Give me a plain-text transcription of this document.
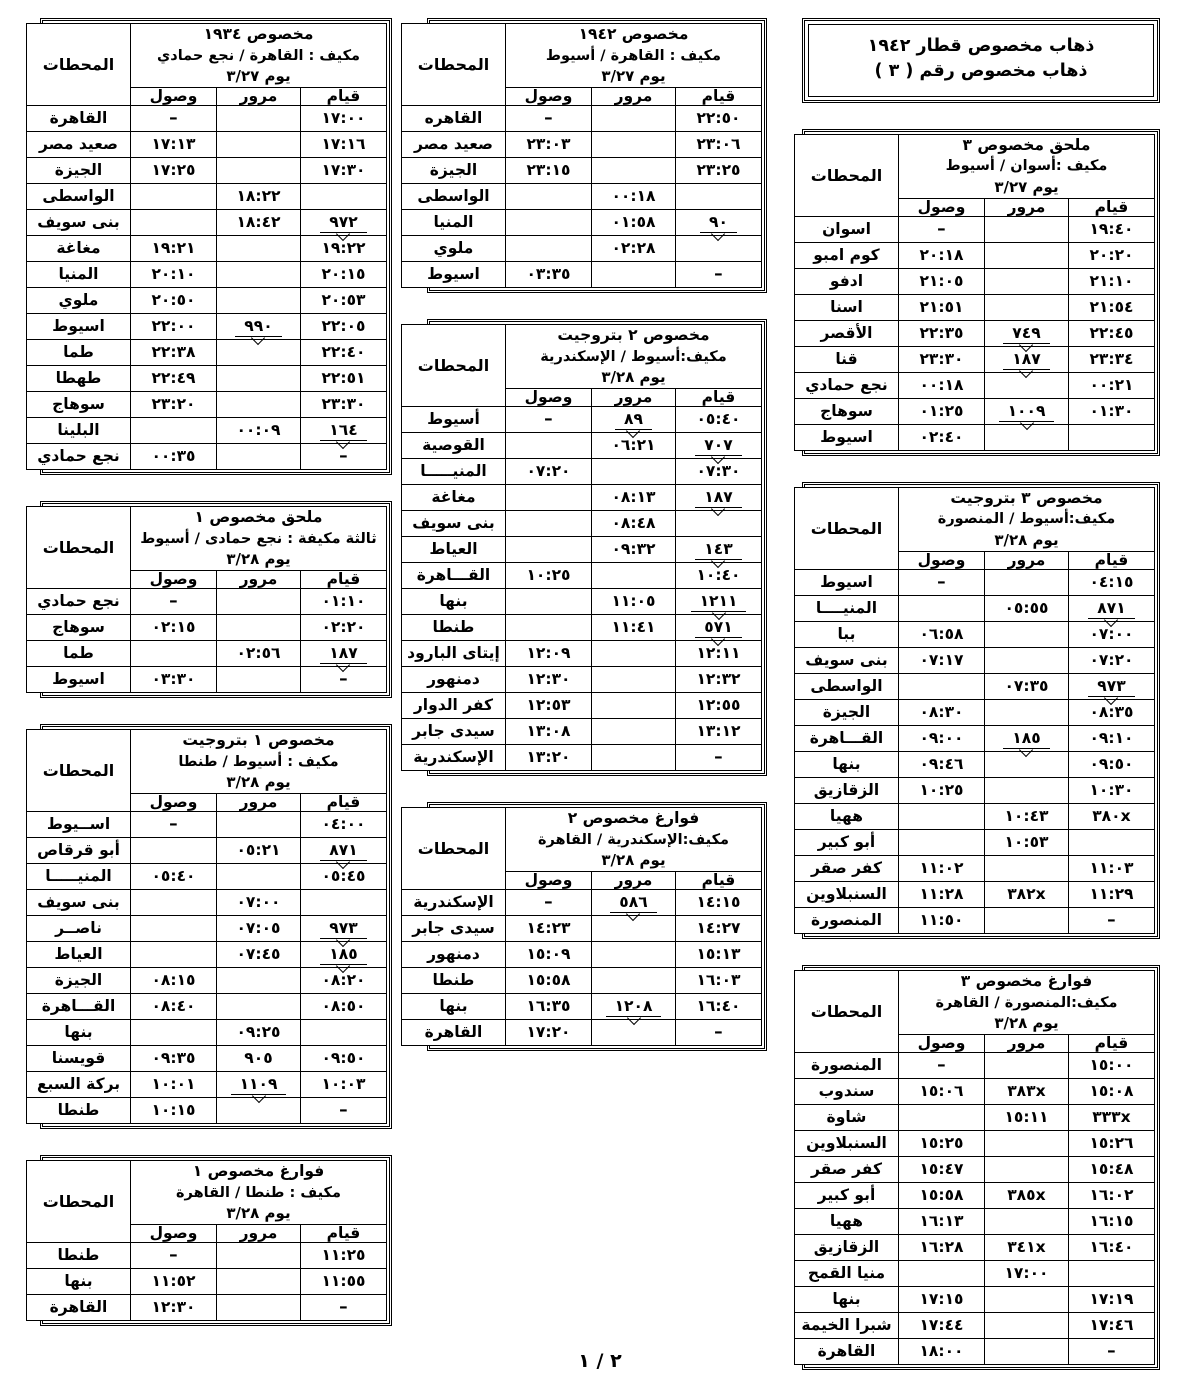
مخصوص ١٩٣٤
مكيف : القاهرة / نجع حمادي
يوم ٣/٢٧			المحطات
قيام	مرور	وصول	
١٧:٠٠		–	القاهرة
١٧:١٦		١٧:١٣	صعيد مصر
١٧:٣٠		١٧:٢٥	الجيزة
	١٨:٢٢		الواسطى
٩٧٢	١٨:٤٢		بنى سويف
١٩:٢٢		١٩:٢١	مغاغة
٢٠:١٥		٢٠:١٠	المنيا
٢٠:٥٣		٢٠:٥٠	ملوي
٢٢:٠٥	٩٩٠	٢٢:٠٠	اسيوط
٢٢:٤٠		٢٢:٣٨	طما
٢٢:٥١		٢٢:٤٩	طهطا
٢٣:٣٠		٢٣:٢٠	سوهاج
١٦٤	٠٠:٠٩		البلينا
–		٠٠:٣٥	نجع حمادي
ملحق مخصوص ١
ثالثة مكيفة : نجع حمادى / أسيوط
يوم ٣/٢٨			المحطات
قيام	مرور	وصول	
٠١:١٠		–	نجع حمادي
٠٢:٢٠		٠٢:١٥	سوهاج
١٨٧	٠٢:٥٦		طما
–		٠٣:٣٠	اسيوط
مخصوص ١ بتروجيت
مكيف : أسيوط / طنطا
يوم ٣/٢٨			المحطات
قيام	مرور	وصول	
٠٤:٠٠		–	اســيوط
٨٧١	٠٥:٢١		أبو قرقاص
٠٥:٤٥		٠٥:٤٠	المنيـــــا
	٠٧:٠٠		بنى سويف
٩٧٣	٠٧:٠٥		ناصــر
١٨٥	٠٧:٤٥		العياط
٠٨:٢٠		٠٨:١٥	الجيزة
٠٨:٥٠		٠٨:٤٠	القـــاهرة
	٠٩:٢٥		بنها
٠٩:٥٠	٩٠٥	٠٩:٣٥	قويسنا
١٠:٠٣	١١٠٩	١٠:٠١	بركة السبع
–		١٠:١٥	طنطا
فوارغ مخصوص ١
مكيف : طنطا / القاهرة
يوم ٣/٢٨			المحطات
قيام	مرور	وصول	
١١:٢٥		–	طنطا
١١:٥٥		١١:٥٢	بنها
–		١٢:٣٠	القاهرة
مخصوص ١٩٤٢
مكيف : القاهرة / أسيوط
يوم ٣/٢٧			المحطات
قيام	مرور	وصول	
٢٢:٥٠		–	القاهره
٢٣:٠٦		٢٣:٠٣	صعيد مصر
٢٣:٢٥		٢٣:١٥	الجيزة
	٠٠:١٨		الواسطى
٩٠	٠١:٥٨		المنيا
	٠٢:٢٨		ملوي
–		٠٣:٣٥	اسيوط
مخصوص ٢ بتروجيت
مكيف:أسيوط / الإسكندرية
يوم ٣/٢٨			المحطات
قيام	مرور	وصول	
٠٥:٤٠	٨٩	–	أسيوط
٧٠٧	٠٦:٢١		القوصية
٠٧:٣٠		٠٧:٢٠	المنيـــــا
١٨٧	٠٨:١٣		مغاغة
	٠٨:٤٨		بنى سويف
١٤٣	٠٩:٣٢		العياط
١٠:٤٠		١٠:٢٥	القـــاهرة
١٢١١	١١:٠٥		بنها
٥٧١	١١:٤١		طنطا
١٢:١١		١٢:٠٩	إيتاى البارود
١٢:٣٢		١٢:٣٠	دمنهور
١٢:٥٥		١٢:٥٣	كفر الدوار
١٣:١٢		١٣:٠٨	سيدى جابر
–		١٣:٢٠	الإسكندرية
فوارغ مخصوص ٢
مكيف:الإسكندرية / القاهرة
يوم ٣/٢٨			المحطات
قيام	مرور	وصول	
١٤:١٥	٥٨٦	–	الإسكندرية
١٤:٢٧		١٤:٢٣	سيدى جابر
١٥:١٣		١٥:٠٩	دمنهور
١٦:٠٣		١٥:٥٨	طنطا
١٦:٤٠	١٢٠٨	١٦:٣٥	بنها
–		١٧:٢٠	القاهرة
ذهاب مخصوص قطار ١٩٤٢
ذهاب مخصوص رقم ( ٣ )
ملحق مخصوص ٣
مكيف :أسوان / أسيوط
يوم ٣/٢٧			المحطات
قيام	مرور	وصول	
١٩:٤٠		–	اسوان
٢٠:٢٠		٢٠:١٨	كوم امبو
٢١:١٠		٢١:٠٥	ادفو
٢١:٥٤		٢١:٥١	اسنا
٢٢:٤٥	٧٤٩	٢٢:٣٥	الأقصر
٢٣:٣٤	١٨٧	٢٣:٣٠	قنا
٠٠:٢١		٠٠:١٨	نجع حمادي
٠١:٣٠	١٠٠٩	٠١:٢٥	سوهاج
		٠٢:٤٠	اسيوط
مخصوص ٣ بتروجيت
مكيف:أسيوط / المنصورة
يوم ٣/٢٨			المحطات
قيام	مرور	وصول	
٠٤:١٥		–	اسيوط
٨٧١	٠٥:٥٥		المنيــــا
٠٧:٠٠		٠٦:٥٨	ببا
٠٧:٢٠		٠٧:١٧	بنى سويف
٩٧٣	٠٧:٣٥		الواسطى
٠٨:٣٥		٠٨:٣٠	الجيزة
٠٩:١٠	١٨٥	٠٩:٠٠	القـــاهرة
٠٩:٥٠		٠٩:٤٦	بنها
١٠:٣٠		١٠:٢٥	الزقازيق
٣٨٠x	١٠:٤٣		ههيا
	١٠:٥٣		أبو كبير
١١:٠٣		١١:٠٢	كفر صقر
١١:٢٩	٣٨٢x	١١:٢٨	السنبلاوين
–		١١:٥٠	المنصورة
فوارغ مخصوص ٣
مكيف:المنصورة / القاهرة
يوم ٣/٢٨			المحطات
قيام	مرور	وصول	
١٥:٠٠		–	المنصورة
١٥:٠٨	٣٨٣x	١٥:٠٦	سندوب
٣٣٣x	١٥:١١		شاوة
١٥:٢٦		١٥:٢٥	السنبلاوين
١٥:٤٨		١٥:٤٧	كفر صقر
١٦:٠٢	٣٨٥x	١٥:٥٨	أبو كبير
١٦:١٥		١٦:١٣	ههيا
١٦:٤٠	٣٤١x	١٦:٢٨	الزقازيق
	١٧:٠٠		منيا القمح
١٧:١٩		١٧:١٥	بنها
١٧:٤٦		١٧:٤٤	شبرا الخيمة
–		١٨:٠٠	القاهرة
٢ / ١
